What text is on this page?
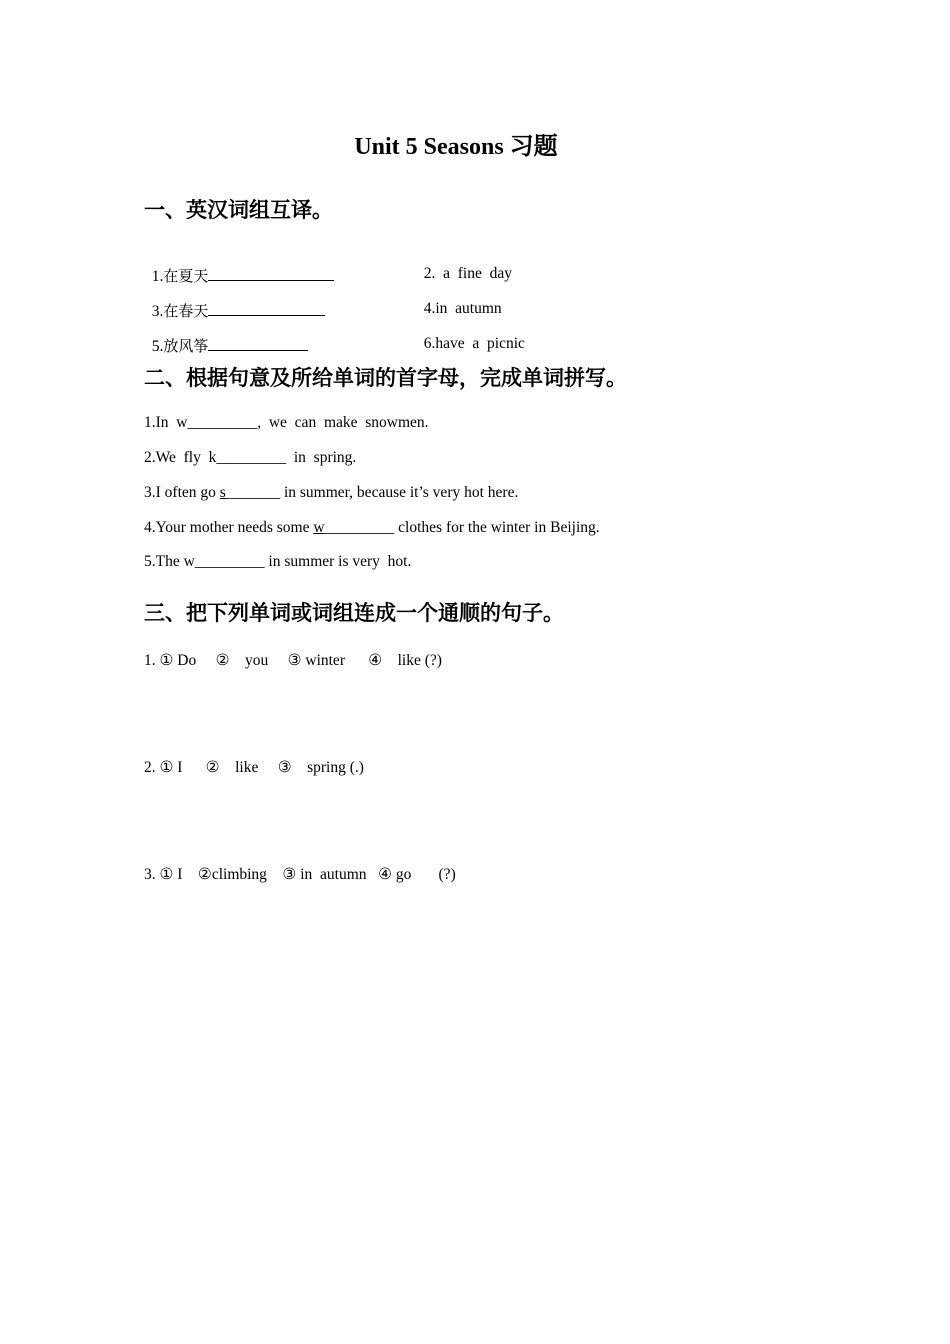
Unit 5 Seasons 习题
一、英汉词组互译。

1.在夏天	2. a  fine  day

3.在春天	4.in  autumn

5.放风筝	6.have  a  picnic

二、根据句意及所给单词的首字母，完成单词拼写。
1.In  w_________,  we  can  make  snowmen.
2.We  fly  k_________  in  spring.
3.I often go s_______ in summer, because it’s very hot here.
4.Your mother needs some w_________ clothes for the winter in Beijing.
5.The w_________ in summer is very  hot.
三、把下列单词或词组连成一个通顺的句子。
1. ① Do     ②    you     ③ winter      ④    like (?)
2. ① I      ②    like     ③    spring (.)
3. ① I    ②climbing    ③ in  autumn   ④ go       (?)
